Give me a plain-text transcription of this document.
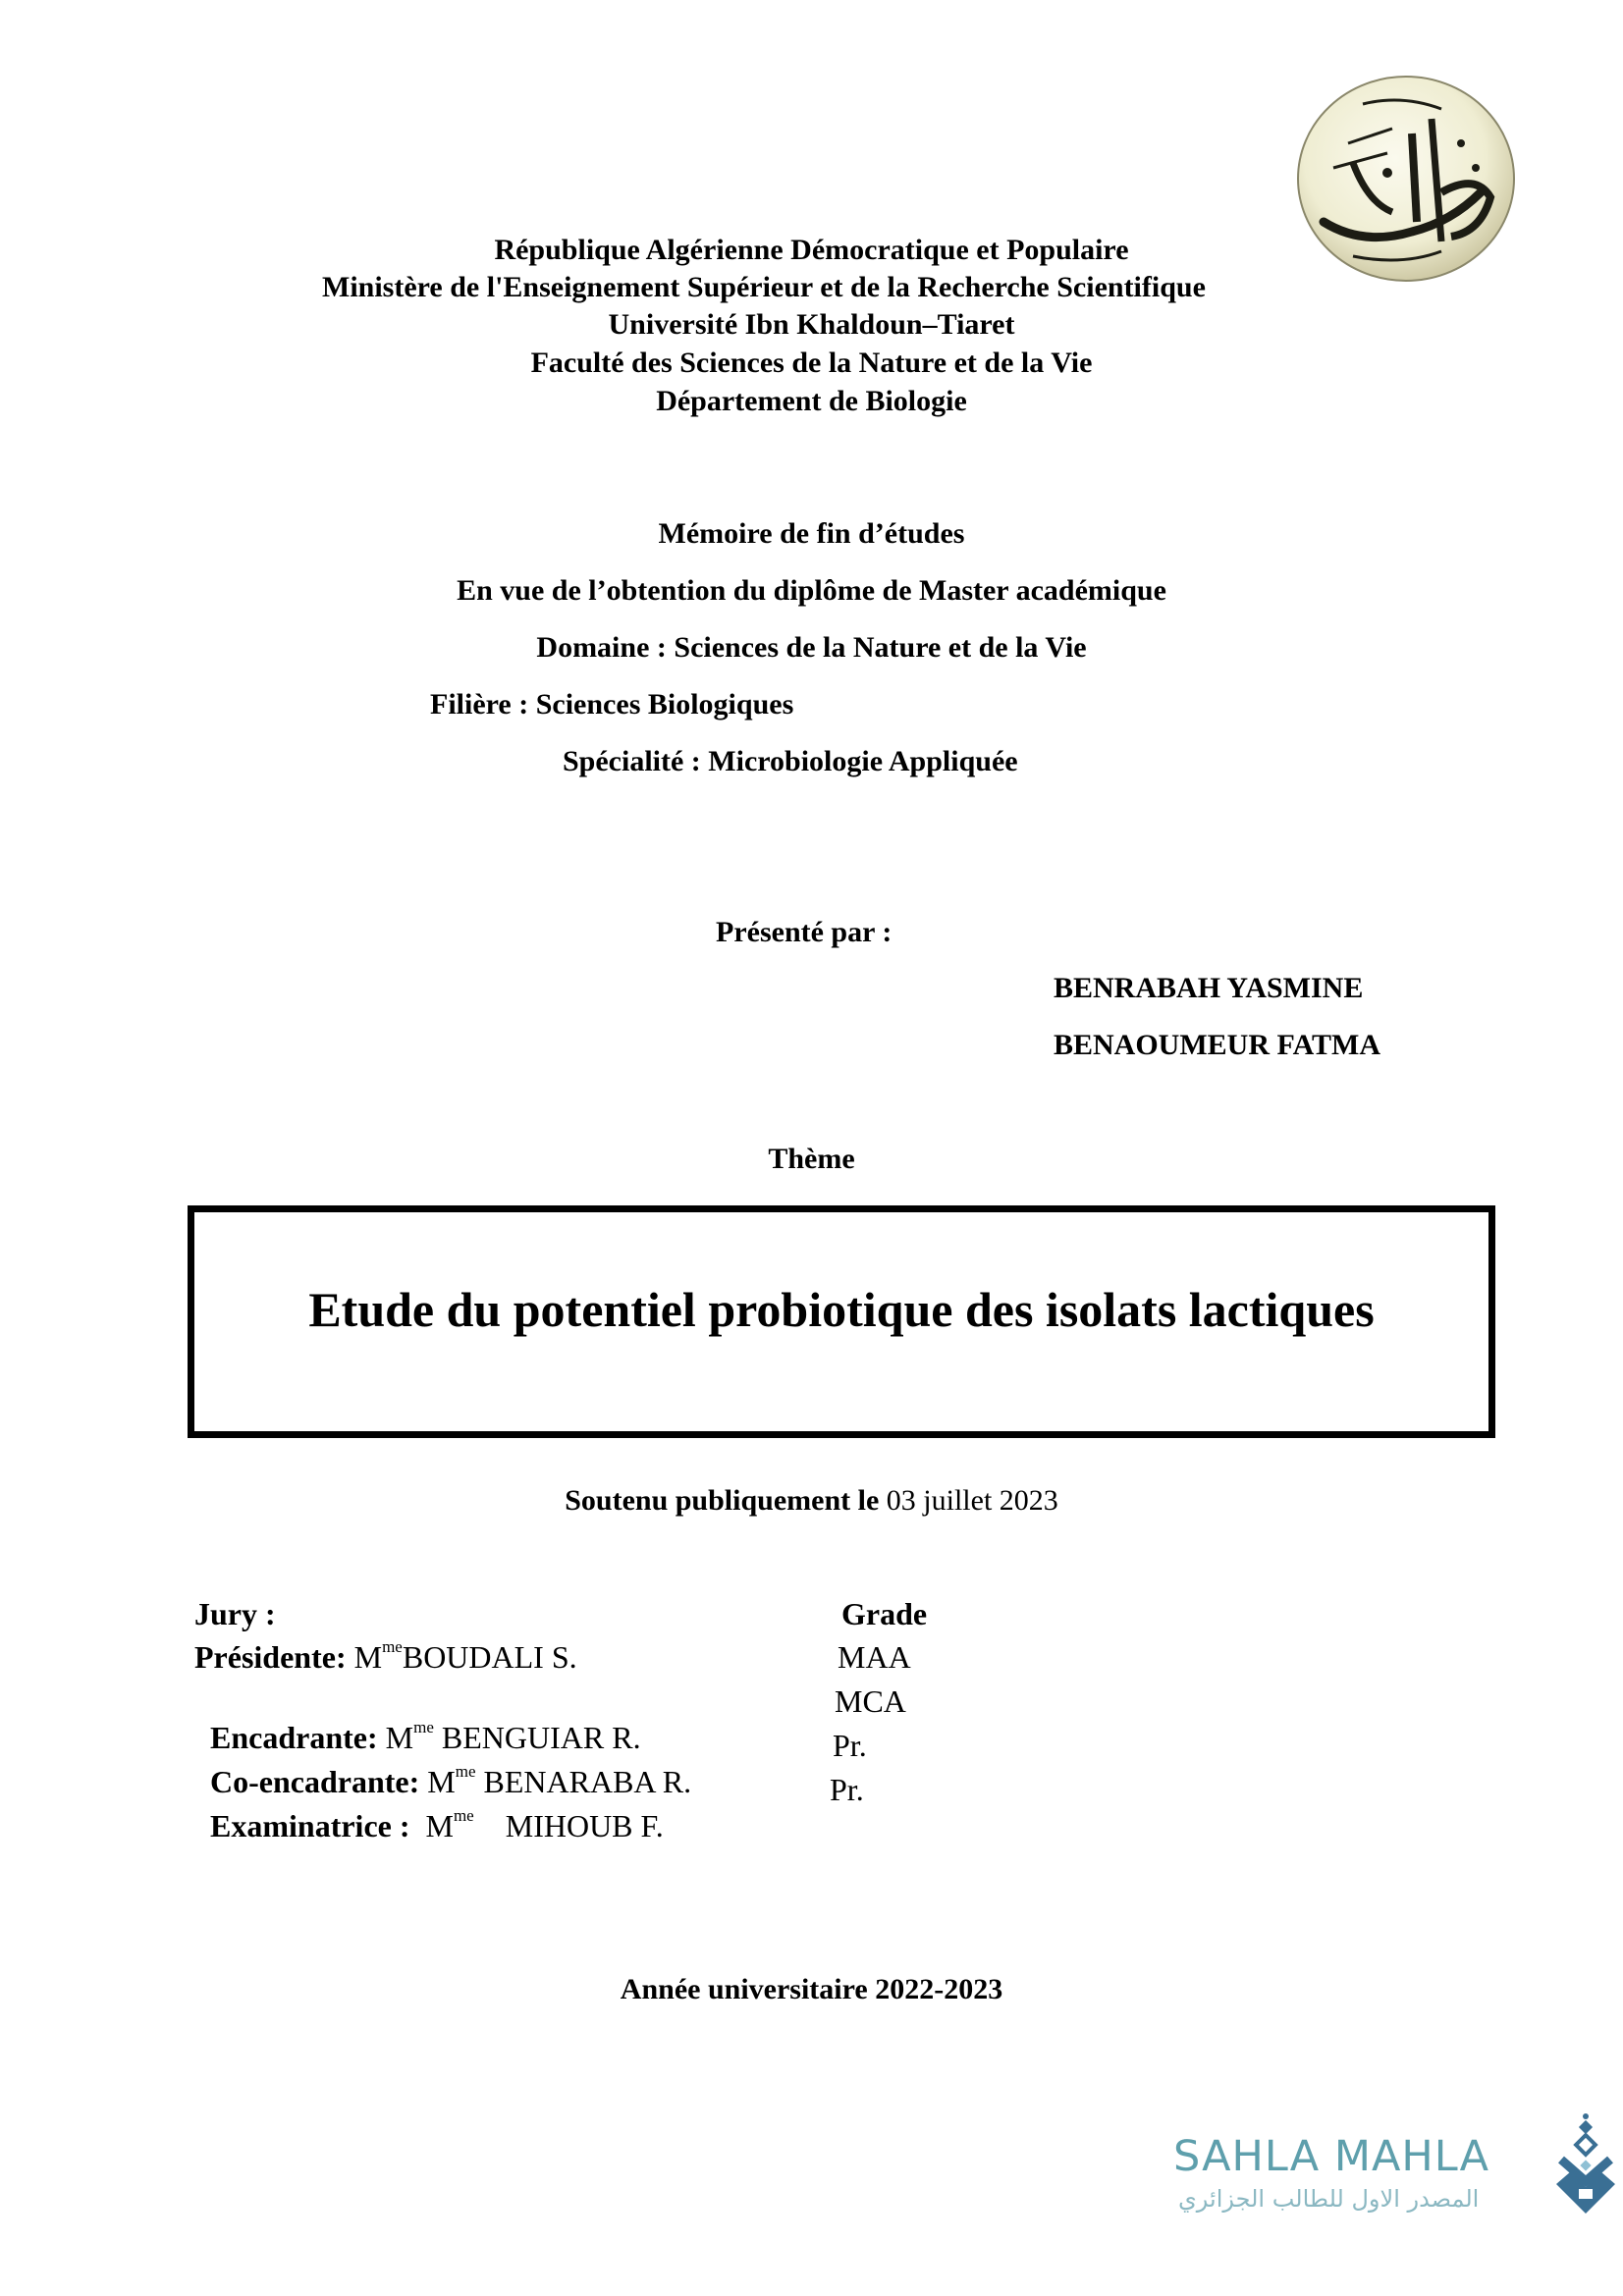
République Algérienne Démocratique et Populaire
Ministère de l'Enseignement Supérieur et de la Recherche Scientifique
Université Ibn Khaldoun–Tiaret
Faculté des Sciences de la Nature et de la Vie
Département de Biologie
Mémoire de fin d’études
En vue de l’obtention du diplôme de Master académique
Domaine : Sciences de la Nature et de la Vie
Filière : Sciences Biologiques
Spécialité : Microbiologie Appliquée
Présenté par :
BENRABAH YASMINE
BENAOUMEUR FATMA
Thème
Etude du potentiel probiotique des isolats lactiques
Soutenu publiquement le 03 juillet 2023
Jury :	Grade
Présidente: $M^{me}BOUDALI$ S.	MAA

Encadrante: $M^{me}$ BENGUIAR R.

MCA

Co-encadrante: $M^{me}$ BENARABA R.

Pr.

Examinatrice : $M^{me}$    MIHOUB F.

Pr.
Année universitaire 2022-2023
SAHLA MAHLA
المصدر الاول للطالب الجزائري
